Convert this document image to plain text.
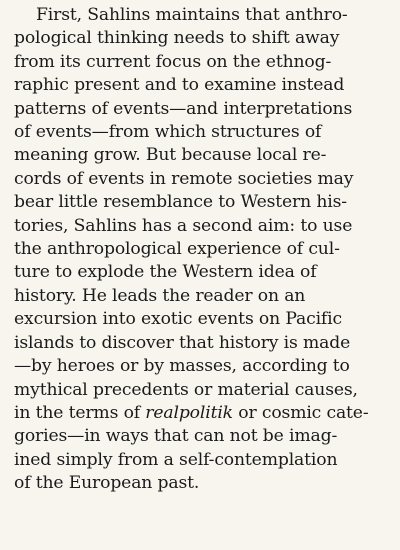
First, Sahlins maintains that anthro-
pological thinking needs to shift away
from its current focus on the ethnog-
raphic present and to examine instead
patterns of events—and interpretations
of events—from which structures of
meaning grow. But because local re-
cords of events in remote societies may
bear little resemblance to Western his-
tories, Sahlins has a second aim: to use
the anthropological experience of cul-
ture to explode the Western idea of
history. He leads the reader on an
excursion into exotic events on Pacific
islands to discover that history is made
—by heroes or by masses, according to
mythical precedents or material causes,
in the terms of realpolitik or cosmic cate-
gories—in ways that can not be imag-
ined simply from a self-contemplation
of the European past.
